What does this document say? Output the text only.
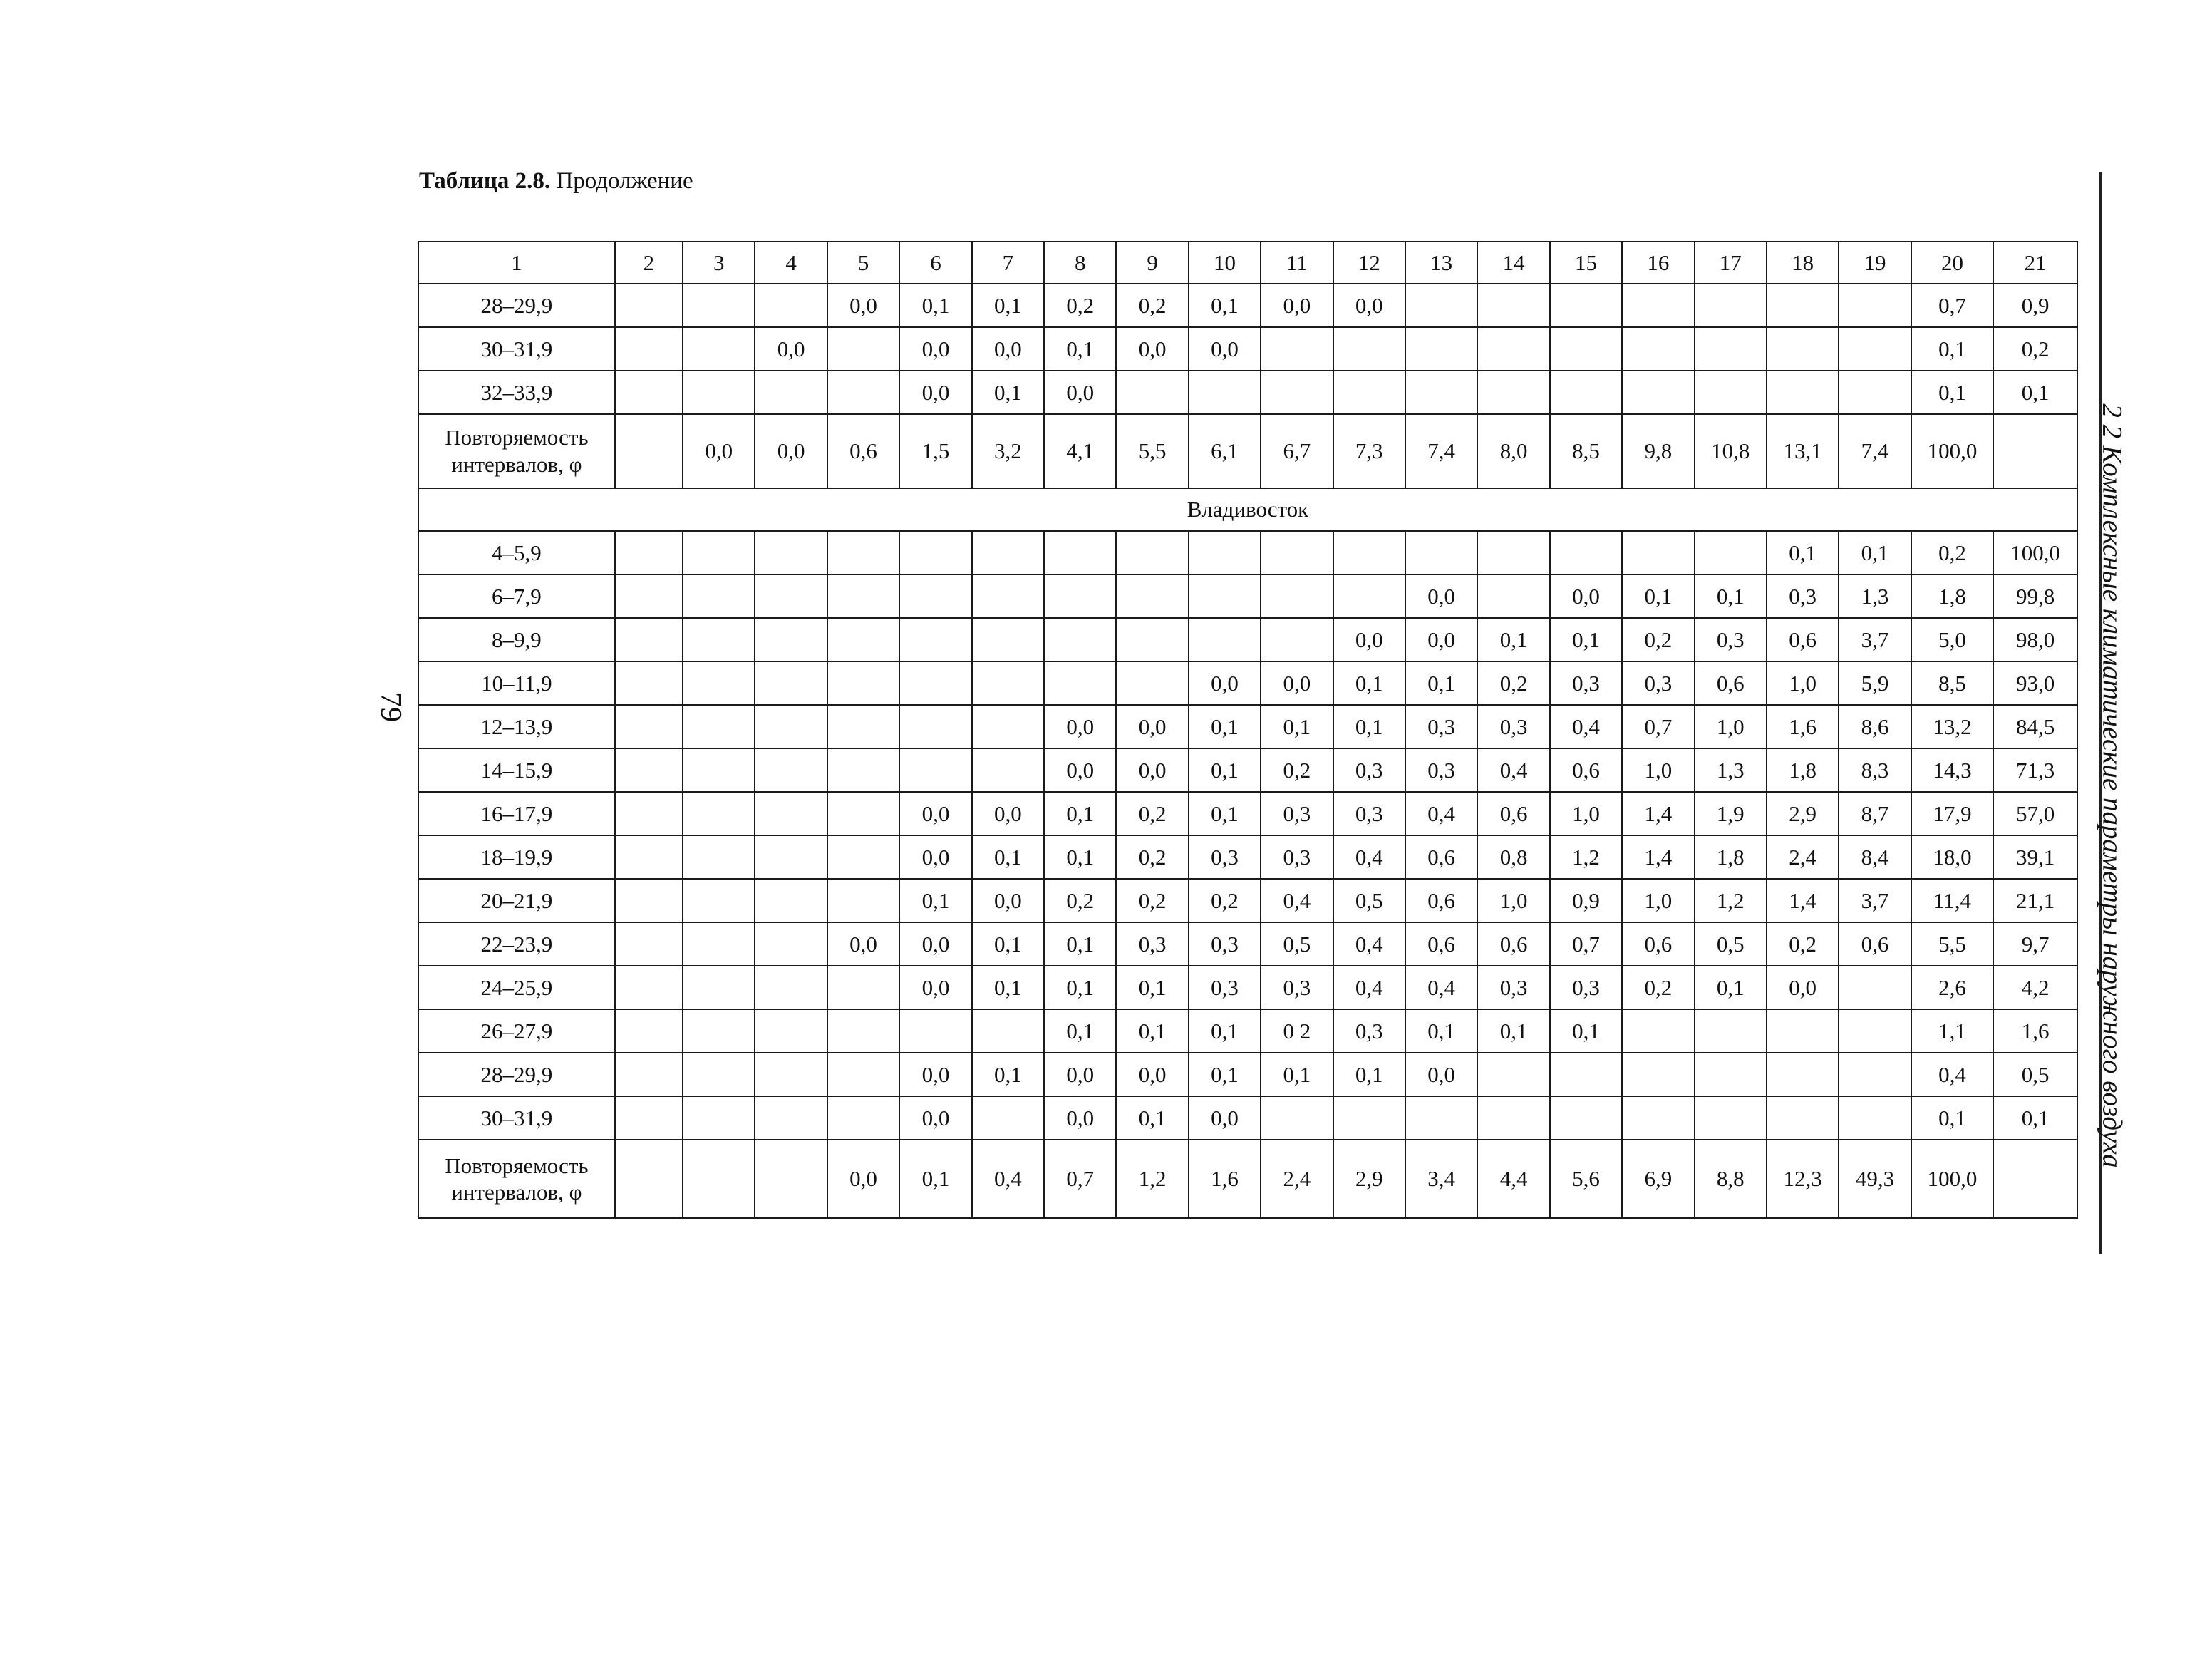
Таблица 2.8. Продолжение
79	2 2 Комплексные климатические параметры наружного воздуха
1	2	3	4	5	6	7	8	9	10	11	12	13	14	15	16	17	18	19	20	21
28–29,9				0,0	0,1	0,1	0,2	0,2	0,1	0,0	0,0								0,7	0,9
30–31,9			0,0		0,0	0,0	0,1	0,0	0,0										0,1	0,2
32–33,9					0,0	0,1	0,0												0,1	0,1
Повторяемость интервалов, φ		0,0	0,0	0,6	1,5	3,2	4,1	5,5	6,1	6,7	7,3	7,4	8,0	8,5	9,8	10,8	13,1	7,4	100,0	
Владивосток																				
4–5,9																	0,1	0,1	0,2	100,0
6–7,9												0,0		0,0	0,1	0,1	0,3	1,3	1,8	99,8
8–9,9											0,0	0,0	0,1	0,1	0,2	0,3	0,6	3,7	5,0	98,0
10–11,9									0,0	0,0	0,1	0,1	0,2	0,3	0,3	0,6	1,0	5,9	8,5	93,0
12–13,9							0,0	0,0	0,1	0,1	0,1	0,3	0,3	0,4	0,7	1,0	1,6	8,6	13,2	84,5
14–15,9							0,0	0,0	0,1	0,2	0,3	0,3	0,4	0,6	1,0	1,3	1,8	8,3	14,3	71,3
16–17,9					0,0	0,0	0,1	0,2	0,1	0,3	0,3	0,4	0,6	1,0	1,4	1,9	2,9	8,7	17,9	57,0
18–19,9					0,0	0,1	0,1	0,2	0,3	0,3	0,4	0,6	0,8	1,2	1,4	1,8	2,4	8,4	18,0	39,1
20–21,9					0,1	0,0	0,2	0,2	0,2	0,4	0,5	0,6	1,0	0,9	1,0	1,2	1,4	3,7	11,4	21,1
22–23,9				0,0	0,0	0,1	0,1	0,3	0,3	0,5	0,4	0,6	0,6	0,7	0,6	0,5	0,2	0,6	5,5	9,7
24–25,9					0,0	0,1	0,1	0,1	0,3	0,3	0,4	0,4	0,3	0,3	0,2	0,1	0,0		2,6	4,2
26–27,9							0,1	0,1	0,1	0 2	0,3	0,1	0,1	0,1					1,1	1,6
28–29,9					0,0	0,1	0,0	0,0	0,1	0,1	0,1	0,0							0,4	0,5
30–31,9					0,0		0,0	0,1	0,0										0,1	0,1
Повторяемость интервалов, φ				0,0	0,1	0,4	0,7	1,2	1,6	2,4	2,9	3,4	4,4	5,6	6,9	8,8	12,3	49,3	100,0	
